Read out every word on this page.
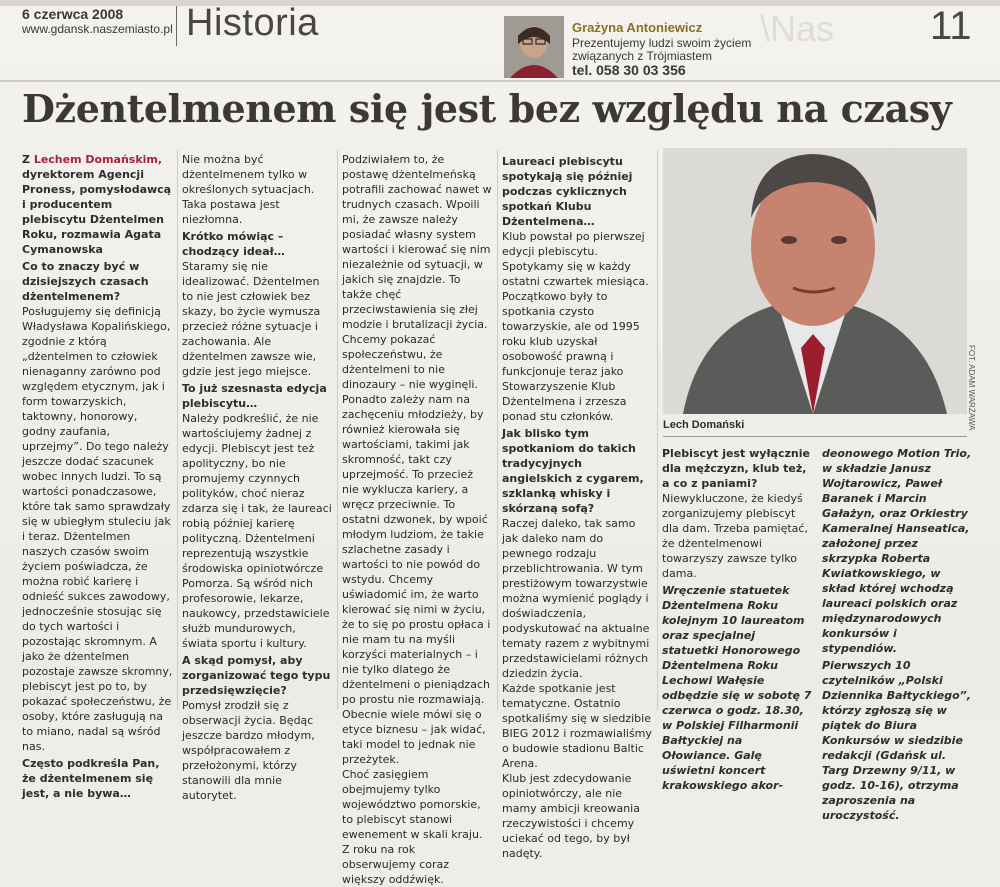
6 czerwca 2008
www.gdansk.naszemiasto.pl Historia	\Nas
Grażyna Antoniewicz
Prezentujemy ludzi swoim życiem związanych z Trójmiastem
tel. 058 30 03 356
11
Dżentelmenem się jest bez względu na czasy

Z Lechem Domańskim, dyrektorem Agencji Proness, pomysłodawcą i producentem plebiscytu Dżentelmen Roku, rozmawia Agata Cymanowska

Co to znaczy być w dzisiejszych czasach dżentelmenem?

Posługujemy się definicją Władysława Kopalińskiego, zgodnie z którą „dżentelmen to człowiek nienaganny zarówno pod względem etycznym, jak i form towarzyskich, taktowny, honorowy, godny zaufania, uprzejmy”. Do tego należy jeszcze dodać szacunek wobec innych ludzi. To są wartości ponadczasowe, które tak samo sprawdzały się w ubiegłym stuleciu jak i teraz. Dżentelmen naszych czasów swoim życiem poświadcza, że można robić karierę i odnieść sukces zawodowy, jednocześnie stosując się do tych wartości i pozostając skromnym. A jako że dżentelmen pozostaje zawsze skromny, plebiscyt jest po to, by pokazać społeczeństwu, że osoby, które zasługują na to miano, nadal są wśród nas.

Często podkreśla Pan, że dżentelmenem się jest, a nie bywa…

Nie można być dżentelmenem tylko w określonych sytuacjach. Taka postawa jest niezłomna.

Krótko mówiąc – chodzący ideał…

Staramy się nie idealizować. Dżentelmen to nie jest człowiek bez skazy, bo życie wymusza przecież różne sytuacje i zachowania. Ale dżentelmen zawsze wie, gdzie jest jego miejsce.

To już szesnasta edycja plebiscytu…

Należy podkreślić, że nie wartościujemy żadnej z edycji. Plebiscyt jest też apolityczny, bo nie promujemy czynnych polityków, choć nieraz zdarza się i tak, że laureaci robią później karierę polityczną. Dżentelmeni reprezentują wszystkie środowiska opiniotwórcze Pomorza. Są wśród nich profesorowie, lekarze, naukowcy, przedstawiciele służb mundurowych, świata sportu i kultury.

A skąd pomysł, aby zorganizować tego typu przedsięwzięcie?

Pomysł zrodził się z obserwacji życia. Będąc jeszcze bardzo młodym, współpracowałem z przełożonymi, którzy stanowili dla mnie autorytet.

Podziwiałem to, że postawę dżentelmeńską potrafili zachować nawet w trudnych czasach. Wpoili mi, że zawsze należy posiadać własny system wartości i kierować się nim niezależnie od sytuacji, w jakich się znajdzie. To także chęć przeciwstawienia się złej modzie i brutalizacji życia. Chcemy pokazać społeczeństwu, że dżentelmeni to nie dinozaury – nie wyginęli. Ponadto zależy nam na zachęceniu młodzieży, by również kierowała się wartościami, takimi jak skromność, takt czy uprzejmość. To przecież nie wyklucza kariery, a wręcz przeciwnie. To ostatni dzwonek, by wpoić młodym ludziom, że takie szlachetne zasady i wartości to nie powód do wstydu. Chcemy uświadomić im, że warto kierować się nimi w życiu, że to się po prostu opłaca i nie mam tu na myśli korzyści materialnych – i nie tylko dlatego że dżentelmeni o pieniądzach po prostu nie rozmawiają. Obecnie wiele mówi się o etyce biznesu – jak widać, taki model to jednak nie przeżytek.

Choć zasięgiem obejmujemy tylko województwo pomorskie, to plebiscyt stanowi ewenement w skali kraju. Z roku na rok obserwujemy coraz większy oddźwięk.

Laureaci plebiscytu spotykają się później podczas cyklicznych spotkań Klubu Dżentelmena…

Klub powstał po pierwszej edycji plebiscytu. Spotykamy się w każdy ostatni czwartek miesiąca. Początkowo były to spotkania czysto towarzyskie, ale od 1995 roku klub uzyskał osobowość prawną i funkcjonuje teraz jako Stowarzyszenie Klub Dżentelmena i zrzesza ponad stu członków.

Jak blisko tym spotkaniom do takich tradycyjnych angielskich z cygarem, szklanką whisky i skórzaną sofą?

Raczej daleko, tak samo jak daleko nam do pewnego rodzaju przeblichtrowania. W tym prestiżowym towarzystwie można wymienić poglądy i doświadczenia, podyskutować na aktualne tematy razem z wybitnymi przedstawicielami różnych dziedzin życia.

Każde spotkanie jest tematyczne. Ostatnio spotkaliśmy się w siedzibie BIEG 2012 i rozmawialiśmy o budowie stadionu Baltic Arena.

Klub jest zdecydowanie opiniotwórczy, ale nie mamy ambicji kreowania rzeczywistości i chcemy uciekać od tego, by był nadęty.

FOT. ADAM WARŻAWA
Lech Domański

Plebiscyt jest wyłącznie dla mężczyzn, klub też, a co z paniami?

Niewykluczone, że kiedyś zorganizujemy plebiscyt dla dam. Trzeba pamiętać, że dżentelmenowi towarzyszy zawsze tylko dama.

Wręczenie statuetek Dżentelmena Roku kolejnym 10 laureatom oraz specjalnej statuetki Honorowego Dżentelmena Roku Lechowi Wałęsie odbędzie się w sobotę 7 czerwca o godz. 18.30, w Polskiej Filharmonii Bałtyckiej na Ołowiance. Galę uświetni koncert krakowskiego akor-

deonowego Motion Trio, w składzie Janusz Wojtarowicz, Paweł Baranek i Marcin Gałażyn, oraz Orkiestry Kameralnej Hanseatica, założonej przez skrzypka Roberta Kwiatkowskiego, w skład której wchodzą laureaci polskich oraz międzynarodowych konkursów i stypendiów.

Pierwszych 10 czytelników „Polski Dziennika Bałtyckiego”, którzy zgłoszą się w piątek do Biura Konkursów w siedzibie redakcji (Gdańsk ul. Targ Drzewny 9/11, w godz. 10-16), otrzyma zaproszenia na uroczystość.
